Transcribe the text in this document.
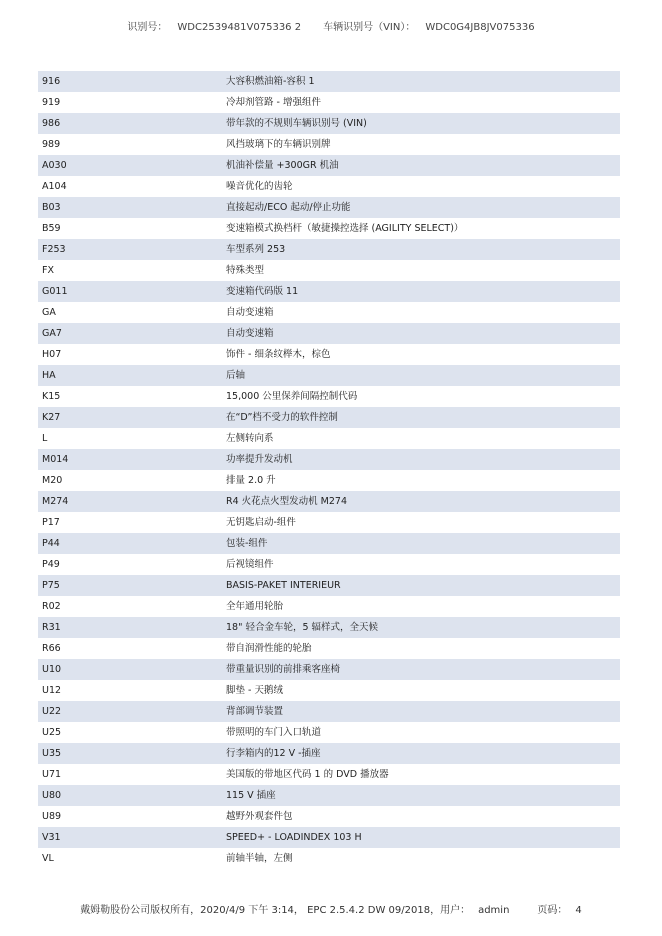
识别号： WDC2539481V075336 2 车辆识别号（VIN）： WDC0G4JB8JV075336
916	大容积燃油箱-容积 1
919	冷却剂管路 - 增强组件
986	带年款的不规则车辆识别号 (VIN)
989	风挡玻璃下的车辆识别牌
A030	机油补偿量 +300GR 机油
A104	噪音优化的齿轮
B03	直接起动/ECO 起动/停止功能
B59	变速箱模式换档杆（敏捷操控选择 (AGILITY SELECT)）
F253	车型系列 253
FX	特殊类型
G011	变速箱代码版 11
GA	自动变速箱
GA7	自动变速箱
H07	饰件 - 细条纹榉木，棕色
HA	后轴
K15	15,000 公里保养间隔控制代码
K27	在“D”档不受力的软件控制
L	左侧转向系
M014	功率提升发动机
M20	排量 2.0 升
M274	R4 火花点火型发动机 M274
P17	无钥匙启动-组件
P44	包装-组件
P49	后视镜组件
P75	BASIS-PAKET INTERIEUR
R02	全年通用轮胎
R31	18" 轻合金车轮，5 辐样式，全天候
R66	带自润滑性能的轮胎
U10	带重量识别的前排乘客座椅
U12	脚垫 - 天鹅绒
U22	背部调节装置
U25	带照明的车门入口轨道
U35	行李箱内的12 V -插座
U71	美国版的带地区代码 1 的 DVD 播放器
U80	115 V 插座
U89	越野外观套件包
V31	SPEED+ - LOADINDEX 103 H
VL	前轴半轴，左侧
戴姆勒股份公司版权所有，2020/4/9 下午 3:14， EPC 2.5.4.2 DW 09/2018，用户： admin	页码： 4
